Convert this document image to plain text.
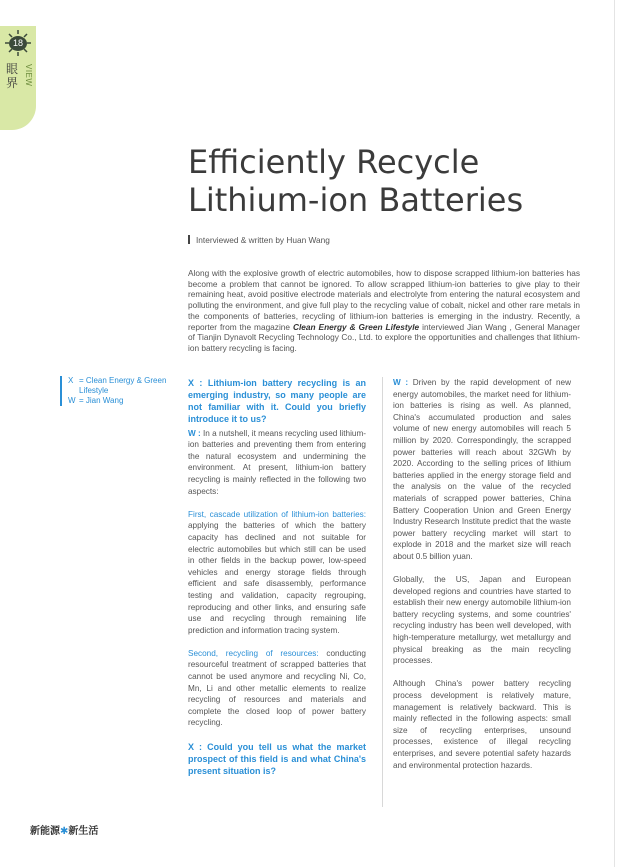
18
眼界 VIEW
Efficiently Recycle
Lithium-ion Batteries
Interviewed & written by Huan Wang

Along with the explosive growth of electric automobiles, how to dispose scrapped lithium-ion batteries has become a problem that cannot be ignored. To allow scrapped lithium-ion batteries to give play to their remaining heat, avoid positive electrode materials and electrolyte from entering the natural ecosystem and polluting the environment, and give full play to the recycling value of cobalt, nickel and other rare metals in the components of batteries, recycling of lithium-ion batteries is emerging in the industry. Recently, a reporter from the magazine Clean Energy & Green Lifestyle interviewed Jian Wang , General Manager of Tianjin Dynavolt Recycling Technology Co., Ltd. to explore the opportunities and challenges that lithium-ion battery recycling is facing.

X = Clean Energy & Green Lifestyle
W = Jian Wang

X : Lithium-ion battery recycling is an emerging industry, so many people are not familiar with it. Could you briefly introduce it to us?

W : In a nutshell, it means recycling used lithium-ion batteries and preventing them from entering the natural ecosystem and undermining the environment. At present, lithium-ion battery recycling is mainly reflected in the following two aspects:

First, cascade utilization of lithium-ion batteries: applying the batteries of which the battery capacity has declined and not suitable for electric automobiles but which still can be used in other fields in the backup power, low-speed vehicles and energy storage fields through efficient and safe disassembly, performance testing and validation, capacity regrouping, reproducing and other links, and ensuring safe use and recycling through remaining life prediction and information tracing system.

Second, recycling of resources: conducting resourceful treatment of scrapped batteries that cannot be used anymore and recycling Ni, Co, Mn, Li and other metallic elements to realize recycling of resources and materials and complete the closed loop of power battery recycling.

X : Could you tell us what the market prospect of this field is and what China's present situation is?

W : Driven by the rapid development of new energy automobiles, the market need for lithium-ion batteries is rising as well. As planned, China's accumulated production and sales volume of new energy automobiles will reach 5 million by 2020. Correspondingly, the scrapped power batteries will reach about 32GWh by 2020. According to the selling prices of lithium batteries applied in the energy storage field and the analysis on the value of the recycled materials of scrapped power batteries, China Battery Cooperation Union and Green Energy Industry Research Institute predict that the waste power battery recycling market will start to explode in 2018 and the market size will reach about 0.5 billion yuan.

Globally, the US, Japan and European developed regions and countries have started to establish their new energy automobile lithium-ion battery recycling systems, and some countries' recycling industry has been well developed, with high-temperature metallurgy, wet metallurgy and physical breaking as the main recycling processes.

Although China's power battery recycling process development is relatively mature, management is relatively backward. This is mainly reflected in the following aspects: small size of recycling enterprises, unsound processes, existence of illegal recycling enterprises, and severe potential safety hazards and environmental protection hazards.

新能源✱新生活
